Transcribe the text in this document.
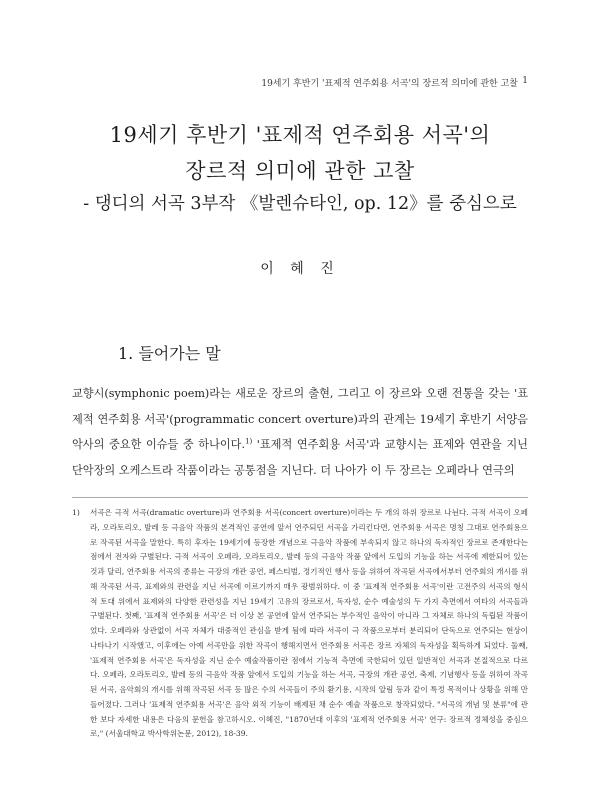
19세기 후반기 '표제적 연주회용 서곡'의 장르적 의미에 관한 고찰 1
19세기 후반기 '표제적 연주회용 서곡'의
장르적 의미에 관한 고찰
- 댕디의 서곡 3부작 《발렌슈타인, op. 12》를 중심으로
이 혜 진
1. 들어가는 말
교향시(symphonic poem)라는 새로운 장르의 출현, 그리고 이 장르와 오랜 전통을 갖는 '표제적 연주회용 서곡'(programmatic concert overture)과의 관계는 19세기 후반기 서양음악사의 중요한 이슈들 중 하나이다.$^{1)}$ '표제적 연주회용 서곡'과 교향시는 표제와 연관을 지닌 단악장의 오케스트라 작품이라는 공통점을 지닌다. 더 나아가 이 두 장르는 오페라나 연극의
1) 서곡은 극적 서곡(dramatic overture)과 연주회용 서곡(concert overture)이라는 두 개의 하위 장르로 나뉜다. 극적 서곡이 오페라, 오라토리오, 발레 등 극음악 작품의 본격적인 공연에 앞서 연주되던 서곡을 가리킨다면, 연주회용 서곡은 명칭 그대로 연주회용으로 작곡된 서곡을 말한다. 특히 후자는 19세기에 등장한 개념으로 극음악 작품에 부속되지 않고 하나의 독자적인 장르로 존재한다는 점에서 전자와 구별된다. 극적 서곡이 오페라, 오라토리오, 발레 등의 극음악 작품 앞에서 도입의 기능을 하는 서곡에 제한되어 있는 것과 달리, 연주회용 서곡의 종류는 극장의 개관 공연, 페스티벌, 정기적인 행사 등을 위하여 작곡된 서곡에서부터 연주회의 개시를 위해 작곡된 서곡, 표제와의 관련을 지닌 서곡에 이르기까지 매우 광범위하다. 이 중 '표제적 연주회용 서곡'이란 고전주의 서곡의 형식적 토대 위에서 표제와의 다양한 관련성을 지닌 19세기 고유의 장르로서, 독자성, 순수 예술성의 두 가지 측면에서 여타의 서곡들과 구별된다. 첫째, '표제적 연주회용 서곡'은 더 이상 본 공연에 앞서 연주되는 부수적인 음악이 아니라 그 자체로 하나의 독립된 작품이었다. 오페라와 상관없이 서곡 자체가 대중적인 관심을 받게 됨에 따라 서곡이 극 작품으로부터 분리되어 단독으로 연주되는 현상이 나타나기 시작했고, 이후에는 아예 서곡만을 위한 작곡이 행해지면서 연주회용 서곡은 장르 자체의 독자성을 획득하게 되었다. 둘째, '표제적 연주회용 서곡'은 독자성을 지닌 순수 예술작품이란 점에서 기능적 측면에 국한되어 있던 일반적인 서곡과 본질적으로 다르다. 오페라, 오라토리오, 발레 등의 극음악 작품 앞에서 도입의 기능을 하는 서곡, 극장의 개관 공연, 축제, 기념행사 등을 위하여 작곡된 서곡, 음악회의 개시를 위해 작곡된 서곡 등 많은 수의 서곡들이 주의 환기용, 시작의 알림 등과 같이 특정 목적이나 상황을 위해 만들어졌다. 그러나 '표제적 연주회용 서곡'은 음악 외적 기능이 배제된 채 순수 예술 작품으로 창작되었다. "서곡의 개념 및 분류"에 관한 보다 자세한 내용은 다음의 문헌을 참고하시오. 이혜진, "1870년대 이후의 '표제적 연주회용 서곡' 연구: 장르적 정체성을 중심으로," (서울대학교 박사학위논문, 2012), 18-39.
